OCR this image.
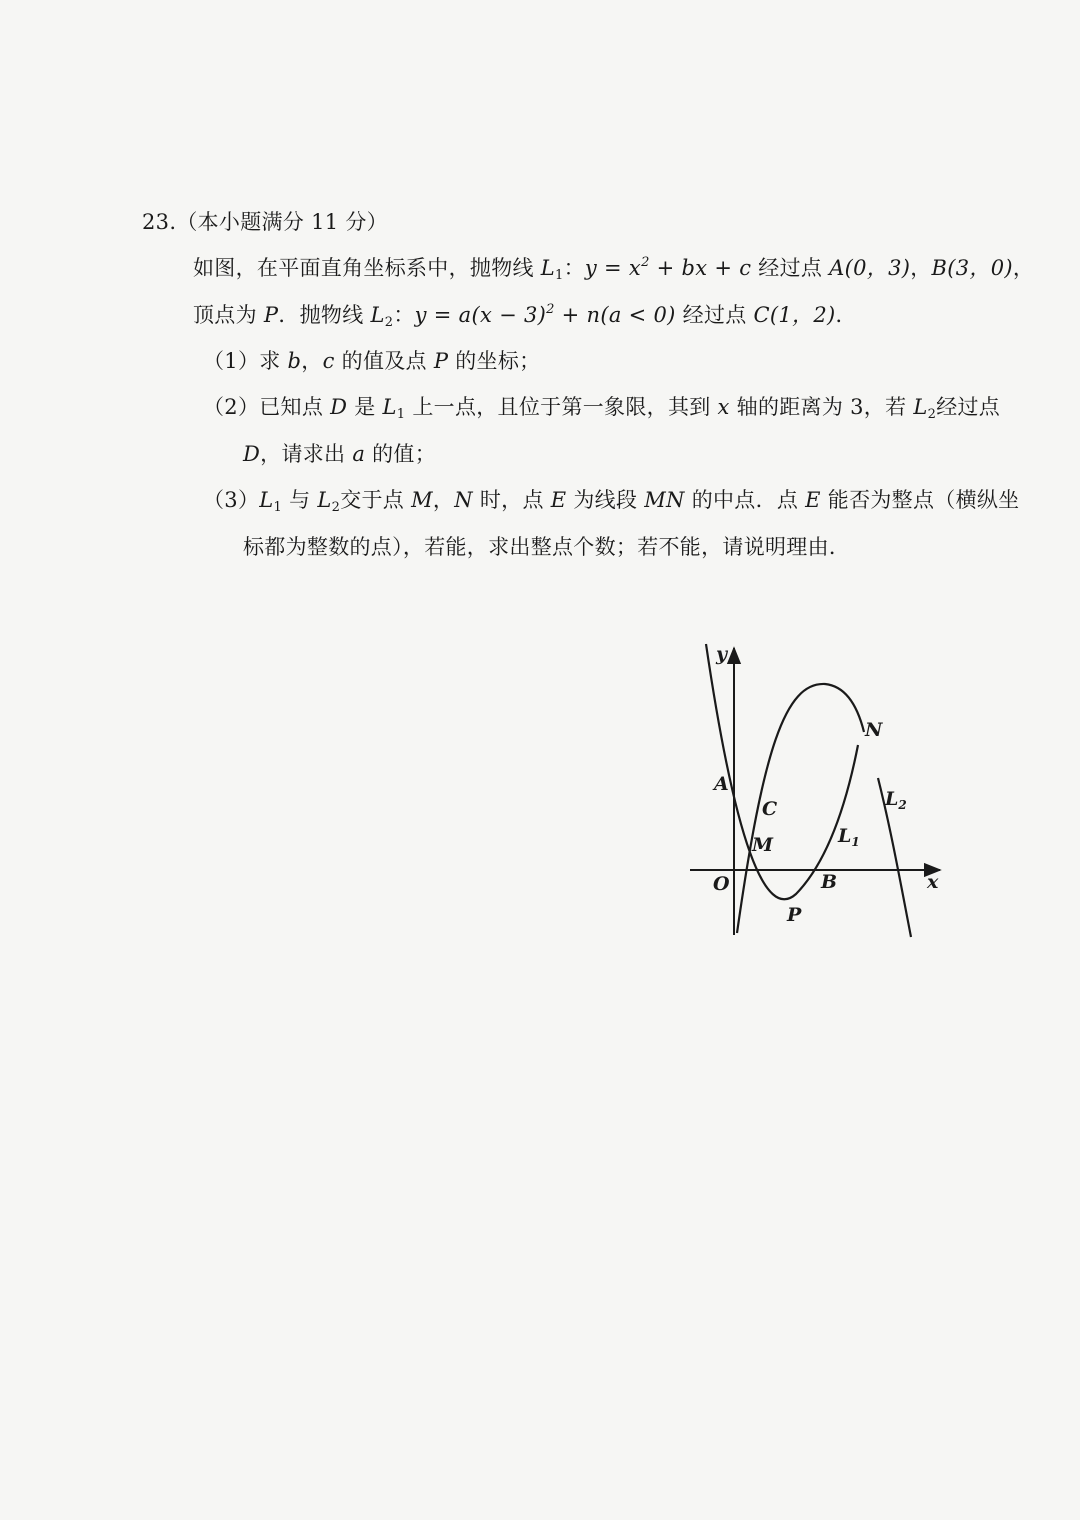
23.（本小题满分 11 分）
如图，在平面直角坐标系中，抛物线 $L_1$：$y = x^2$ + bx + c 经过点 A(0，3)，B(3，0)，
顶点为 P．抛物线 $L_2$：$y = a(x - 3)^2 + n(a < 0)$ 经过点 C(1，2)．
（1）求 b，c 的值及点 P 的坐标；
（2）已知点 D 是 $L_1$ 上一点，且位于第一象限，其到 x 轴的距离为 3，若 $L_2$经过点
D，请求出 a 的值；
$(3)L_1$ 与 $L_2$交于点 M，N 时，点 E 为线段 MN 的中点．点 E 能否为整点（横纵坐
标都为整数的点），若能，求出整点个数；若不能，请说明理由．
y
x
O
A
C
M
B
P
N
$L_1$
$L_2$
